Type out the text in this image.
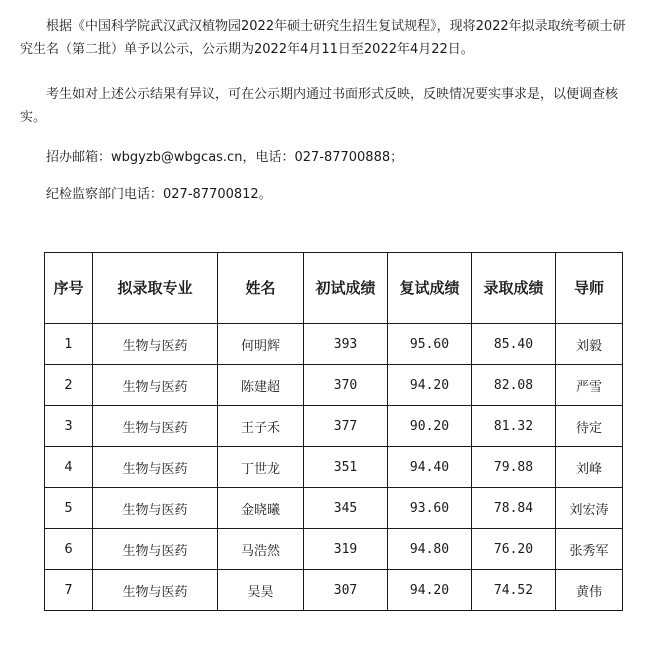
根据《中国科学院武汉武汉植物园2022年硕士研究生招生复试规程》，现将2022年拟录取统考硕士研究生名（第二批）单予以公示，公示期为2022年4月11日至2022年4月22日。

考生如对上述公示结果有异议，可在公示期内通过书面形式反映，反映情况要实事求是，以便调查核实。

招办邮箱：wbgyzb@wbgcas.cn，电话：027-87700888；

纪检监察部门电话：027-87700812。

序号	拟录取专业	姓名	初试成绩	复试成绩	录取成绩	导师
1	生物与医药	何明辉	393	95.60	85.40	刘毅
2	生物与医药	陈建超	370	94.20	82.08	严雪
3	生物与医药	王子禾	377	90.20	81.32	待定
4	生物与医药	丁世龙	351	94.40	79.88	刘峰
5	生物与医药	金晓曦	345	93.60	78.84	刘宏涛
6	生物与医药	马浩然	319	94.80	76.20	张秀军
7	生物与医药	吴昊	307	94.20	74.52	黄伟
